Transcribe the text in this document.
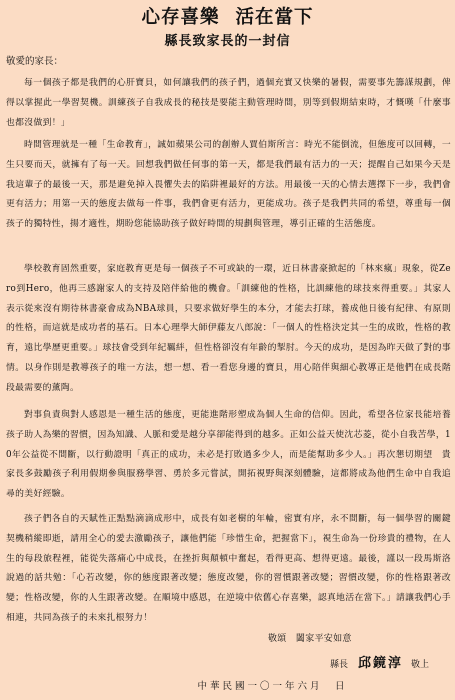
心存喜樂 活在當下
縣長致家長的一封信
敬愛的家長：
每一個孩子都是我們的心肝寶貝，如何讓我們的孩子們，過個充實又快樂的暑假，需要事先籌謀規劃，俾得以掌握此一學習契機。訓練孩子自我成長的秘技是要能主動管理時間，別等到假期結束時，才慨嘆「什麼事也都沒做到！」
時間管理就是一種「生命教育」，誠如蘋果公司的創辦人賈伯斯所言：時光不能倒流，但態度可以回轉，一生只要而天，就擁有了每一天。回想我們做任何事的第一天，都是我們最有活力的一天；提醒自己如果今天是我這輩子的最後一天，那是避免掉入畏懼失去的陷阱裡最好的方法。用最後一天的心情去選擇下一步，我們會更有活力；用第一天的態度去做每一件事，我們會更有活力，更能成功。孩子是我們共同的希望，尊重每一個孩子的獨特性，揚才適性，期盼您能協助孩子做好時間的規劃與管理，導引正確的生活態度。
學校教育固然重要，家庭教育更是每一個孩子不可或缺的一環，近日林書豪掀起的「林來瘋」現象，從Zero到Hero，他再三感謝家人的支持及陪伴給他的機會。「訓練他的性格，比訓練他的球技來得重要。」其家人表示從來沒有期待林書豪會成為NBA球員，只要求做好學生的本分，才能去打球，養成他日後有紀律、有原則的性格，而這就是成功者的基石。日本心理學大師伊藤友八郎說：「一個人的性格決定其一生的成敗，性格的教育，遠比學歷更重要。」球技會受到年紀羈絆，但性格卻沒有年齡的掣肘。今天的成功，是因為昨天做了對的事情。以身作則是教導孩子的唯一方法，想一想、看一看您身邊的寶貝，用心陪伴與細心教導正是他們在成長階段最需要的薰陶。
對事負責與對人感恩是一種生活的態度，更能進階形塑成為個人生命的信仰。因此，希望各位家長能培養孩子助人為樂的習慣，因為知識、人脈和愛是越分享卻能得到的越多。正如公益天使沈芯菱，從小自我苦學，10年公益從不間斷，以行動證明「真正的成功，未必是打敗過多少人，而是能幫助多少人。」再次懇切期望　貴家長多鼓勵孩子利用假期參與服務學習、勇於多元嘗試，開拓視野與深刻體驗，這都將成為他們生命中自我追尋的美好經驗。
孩子們各自的天賦性正點點滴滴成形中，成長有如老樹的年輪，密實有序，永不間斷，每一個學習的關鍵契機稍縱即逝，請用全心的愛去激勵孩子，讓他們能「珍惜生命，把握當下」，視生命為一份珍貴的禮物，在人生的每段旅程裡，能從失落痛心中成長，在挫折與顛頓中奮起，看得更高、想得更遠。最後，謹以一段馬斯洛說過的話共勉：「心若改變，你的態度跟著改變；態度改變，你的習慣跟著改變；習慣改變，你的性格跟著改變；性格改變，你的人生跟著改變。在順境中感恩，在逆境中依舊心存喜樂，認真地活在當下。」請讓我們心手相連，共同為孩子的未來扎根努力！
敬頌　闔家平安如意
縣長 邱鏡淳 敬上
中華民國一〇一年六月　日
